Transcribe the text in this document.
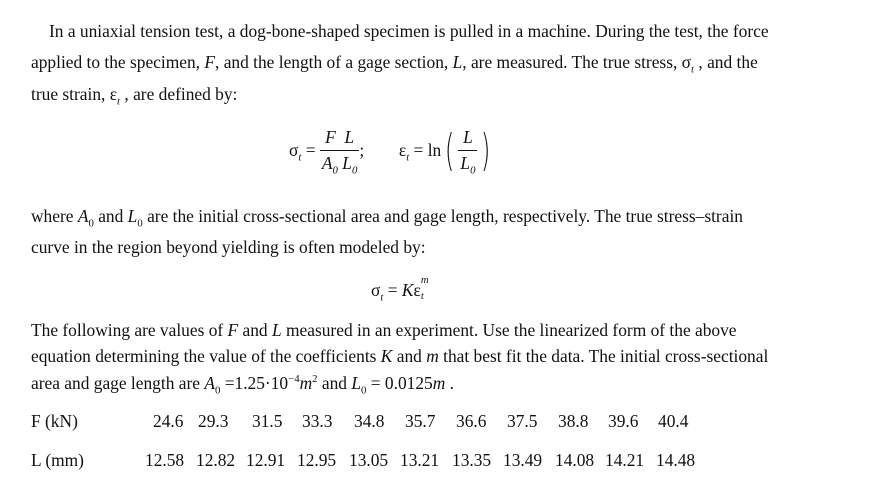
In a uniaxial tension test, a dog-bone-shaped specimen is pulled in a machine. During the test, the force
applied to the specimen, F, and the length of a gage section, L, are measured. The true stress, $\sigma_t$ , and the
true strain, $\varepsilon_t$ , are defined by:
$\sigma_t = \frac{\text{F L}}{A_0 L_0}$ ; $\varepsilon_t = \ln( \frac{L}{L_0}$ )
where $A_0$ and $L_0$ are the initial cross-sectional area and gage length, respectively. The true stress–strain
curve in the region beyond yielding is often modeled by:
$\sigma_t = K\varepsilon$ m
t
The following are values of F and L measured in an experiment. Use the linearized form of the above
equation determining the value of the coefficients K and m that best fit the data. The initial cross-sectional
area and gage length are $A_0 =1.25\cdot 10^{-4}m^2$ and $L_0 = 0.0125m$ .
F (kN)
L (mm)
24.6 29.3 31.5 33.3 34.8 35.7 36.6 37.5 38.8 39.6 40.4
12.58 12.82 12.91 12.95 13.05 13.21 13.35 13.49 14.08 14.21 14.48
